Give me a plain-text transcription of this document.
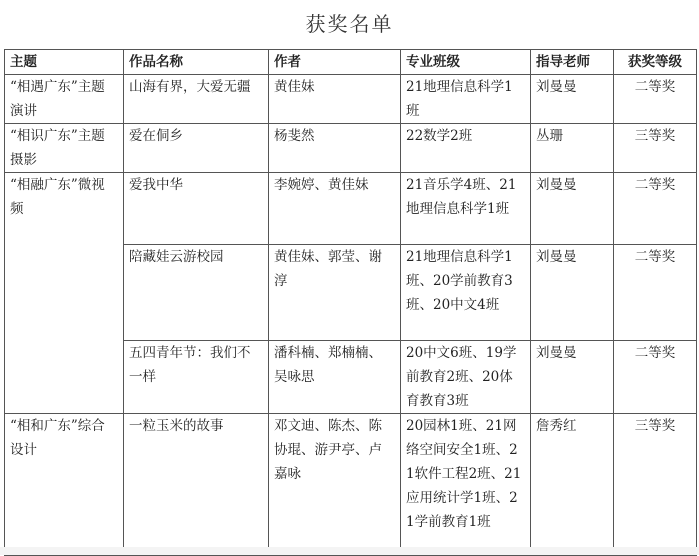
获奖名单
主题	作品名称	作者	专业班级	指导老师	获奖等级
“相遇广东”主题演讲	山海有界，大爱无疆	黄佳妹	21地理信息科学1班	刘曼曼	二等奖
“相识广东”主题摄影	爱在侗乡	杨斐然	22数学2班	丛珊	三等奖
“相融广东”微视频	爱我中华	李婉婷、黄佳妹	21音乐学4班、21地理信息科学1班	刘曼曼	二等奖
	陪藏娃云游校园	黄佳妹、郭莹、谢淳	21地理信息科学1班、20学前教育3班、20中文4班	刘曼曼	二等奖
	五四青年节：我们不一样	潘科楠、郑楠楠、吴咏思	20中文6班、19学前教育2班、20体育教育3班	刘曼曼	二等奖
“相和广东”综合设计	一粒玉米的故事	邓文迪、陈杰、陈协琨、游尹亭、卢嘉咏	20园林1班、21网络空间安全1班、21软件工程2班、21应用统计学1班、21学前教育1班	詹秀红	三等奖
